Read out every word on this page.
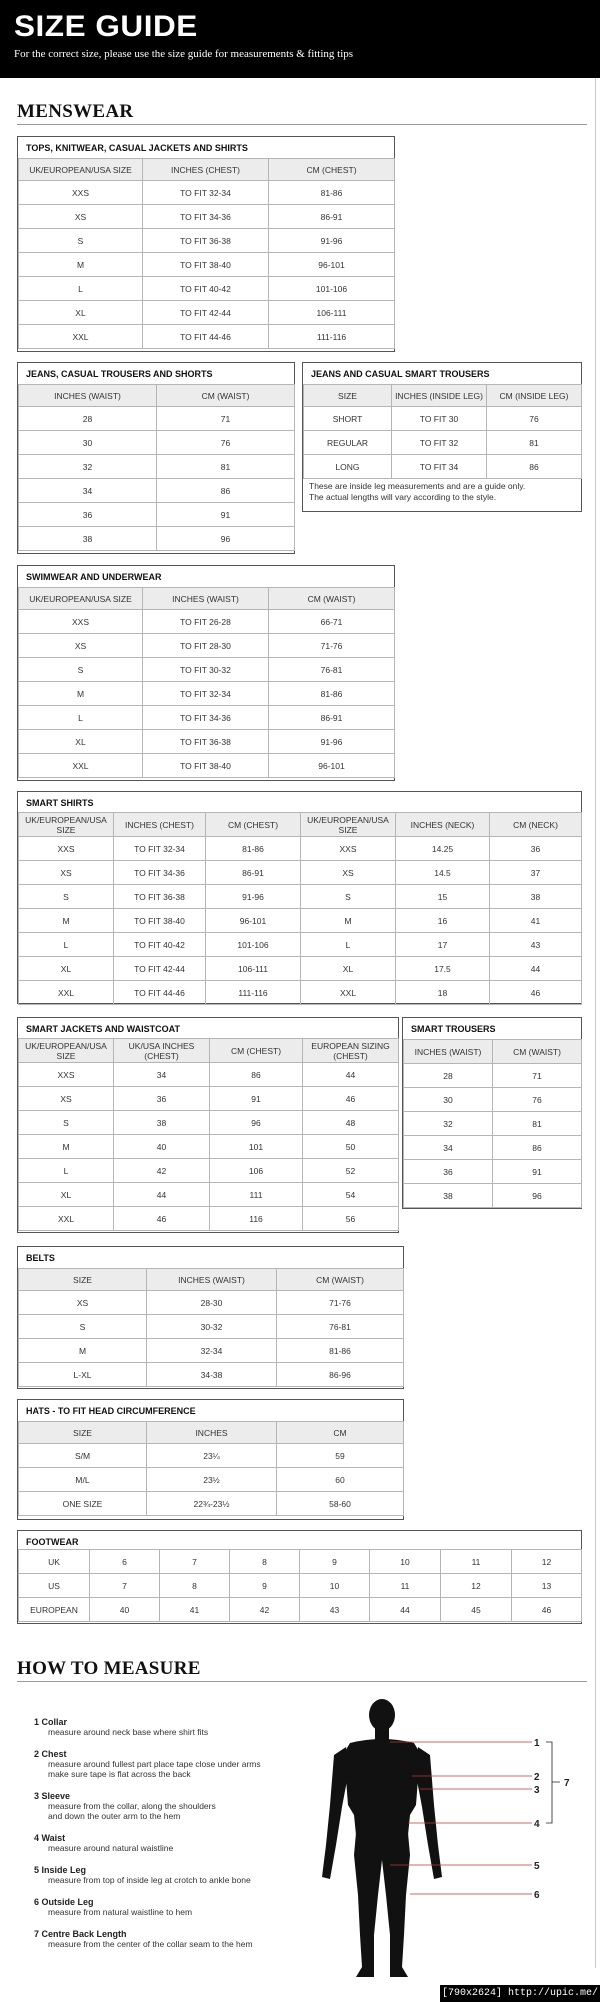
SIZE GUIDE
For the correct size, please use the size guide for measurements & fitting tips
MENSWEAR
TOPS, KNITWEAR, CASUAL JACKETS AND SHIRTS
UK/EUROPEAN/USA SIZE	INCHES (CHEST)	CM (CHEST)
XXS	TO FIT 32-34	81-86
XS	TO FIT 34-36	86-91
S	TO FIT 36-38	91-96
M	TO FIT 38-40	96-101
L	TO FIT 40-42	101-106
XL	TO FIT 42-44	106-111
XXL	TO FIT 44-46	111-116
JEANS, CASUAL TROUSERS AND SHORTS
INCHES (WAIST)	CM (WAIST)
28	71
30	76
32	81
34	86
36	91
38	96
JEANS AND CASUAL SMART TROUSERS
SIZE	INCHES (INSIDE LEG)	CM (INSIDE LEG)
SHORT	TO FIT 30	76
REGULAR	TO FIT 32	81
LONG	TO FIT 34	86
These are inside leg measurements and are a guide only.
The actual lengths will vary according to the style.
SWIMWEAR AND UNDERWEAR
UK/EUROPEAN/USA SIZE	INCHES (WAIST)	CM (WAIST)
XXS	TO FIT 26-28	66-71
XS	TO FIT 28-30	71-76
S	TO FIT 30-32	76-81
M	TO FIT 32-34	81-86
L	TO FIT 34-36	86-91
XL	TO FIT 36-38	91-96
XXL	TO FIT 38-40	96-101
SMART SHIRTS
UK/EUROPEAN/USA SIZE	INCHES (CHEST)	CM (CHEST)	UK/EUROPEAN/USA SIZE	INCHES (NECK)	CM (NECK)
XXS	TO FIT 32-34	81-86	XXS	14.25	36
XS	TO FIT 34-36	86-91	XS	14.5	37
S	TO FIT 36-38	91-96	S	15	38
M	TO FIT 38-40	96-101	M	16	41
L	TO FIT 40-42	101-106	L	17	43
XL	TO FIT 42-44	106-111	XL	17.5	44
XXL	TO FIT 44-46	111-116	XXL	18	46
SMART JACKETS AND WAISTCOAT
UK/EUROPEAN/USA SIZE	UK/USA INCHES (CHEST)	CM (CHEST)	EUROPEAN SIZING (CHEST)
XXS	34	86	44
XS	36	91	46
S	38	96	48
M	40	101	50
L	42	106	52
XL	44	111	54
XXL	46	116	56
SMART TROUSERS
INCHES (WAIST)	CM (WAIST)
28	71
30	76
32	81
34	86
36	91
38	96
BELTS
SIZE	INCHES (WAIST)	CM (WAIST)
XS	28-30	71-76
S	30-32	76-81
M	32-34	81-86
L-XL	34-38	86-96
HATS - TO FIT HEAD CIRCUMFERENCE
SIZE	INCHES	CM
S/M	23¼	59
M/L	23½	60
ONE SIZE	22¾-23½	58-60
FOOTWEAR
UK	6	7	8	9	10	11	12
US	7	8	9	10	11	12	13
EUROPEAN	40	41	42	43	44	45	46
HOW TO MEASURE
1 Collar
measure around neck base where shirt fits
2 Chest
measure around fullest part place tape close under arms
make sure tape is flat across the back
3 Sleeve
measure from the collar, along the shoulders
and down the outer arm to the hem
4 Waist
measure around natural waistline
5 Inside Leg
measure from top of inside leg at crotch to ankle bone
6 Outside Leg
measure from natural waistline to hem
7 Centre Back Length
measure from the center of the collar seam to the hem
1
2
3
4
5
6
7
[790x2624] http://upic.me/
